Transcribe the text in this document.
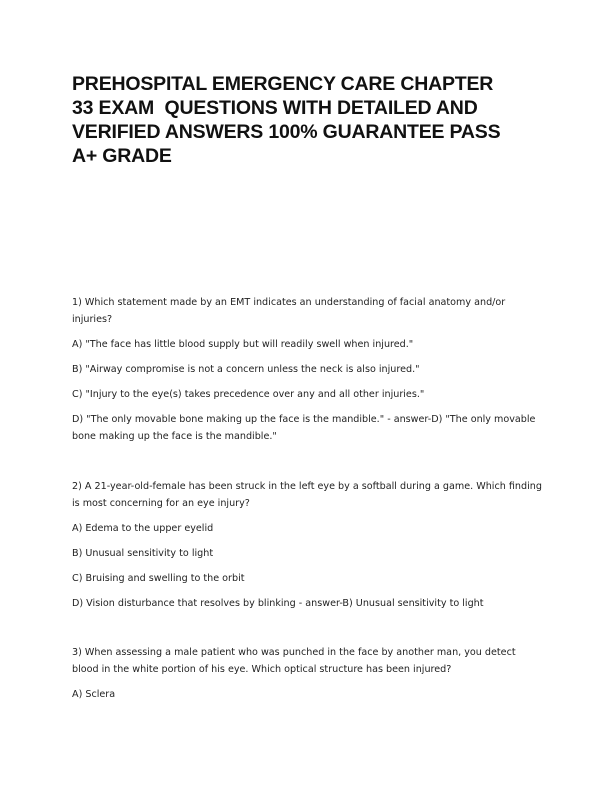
PREHOSPITAL EMERGENCY CARE CHAPTER
33 EXAM  QUESTIONS WITH DETAILED AND
VERIFIED ANSWERS 100% GUARANTEE PASS
A+ GRADE

1) Which statement made by an EMT indicates an understanding of facial anatomy and/or injuries?

A) "The face has little blood supply but will readily swell when injured."

B) "Airway compromise is not a concern unless the neck is also injured."

C) "Injury to the eye(s) takes precedence over any and all other injuries."

D) "The only movable bone making up the face is the mandible." - answer-D) "The only movable bone making up the face is the mandible."

2) A 21-year-old-female has been struck in the left eye by a softball during a game. Which finding is most concerning for an eye injury?

A) Edema to the upper eyelid

B) Unusual sensitivity to light

C) Bruising and swelling to the orbit

D) Vision disturbance that resolves by blinking - answer-B) Unusual sensitivity to light

3) When assessing a male patient who was punched in the face by another man, you detect blood in the white portion of his eye. Which optical structure has been injured?

A) Sclera
